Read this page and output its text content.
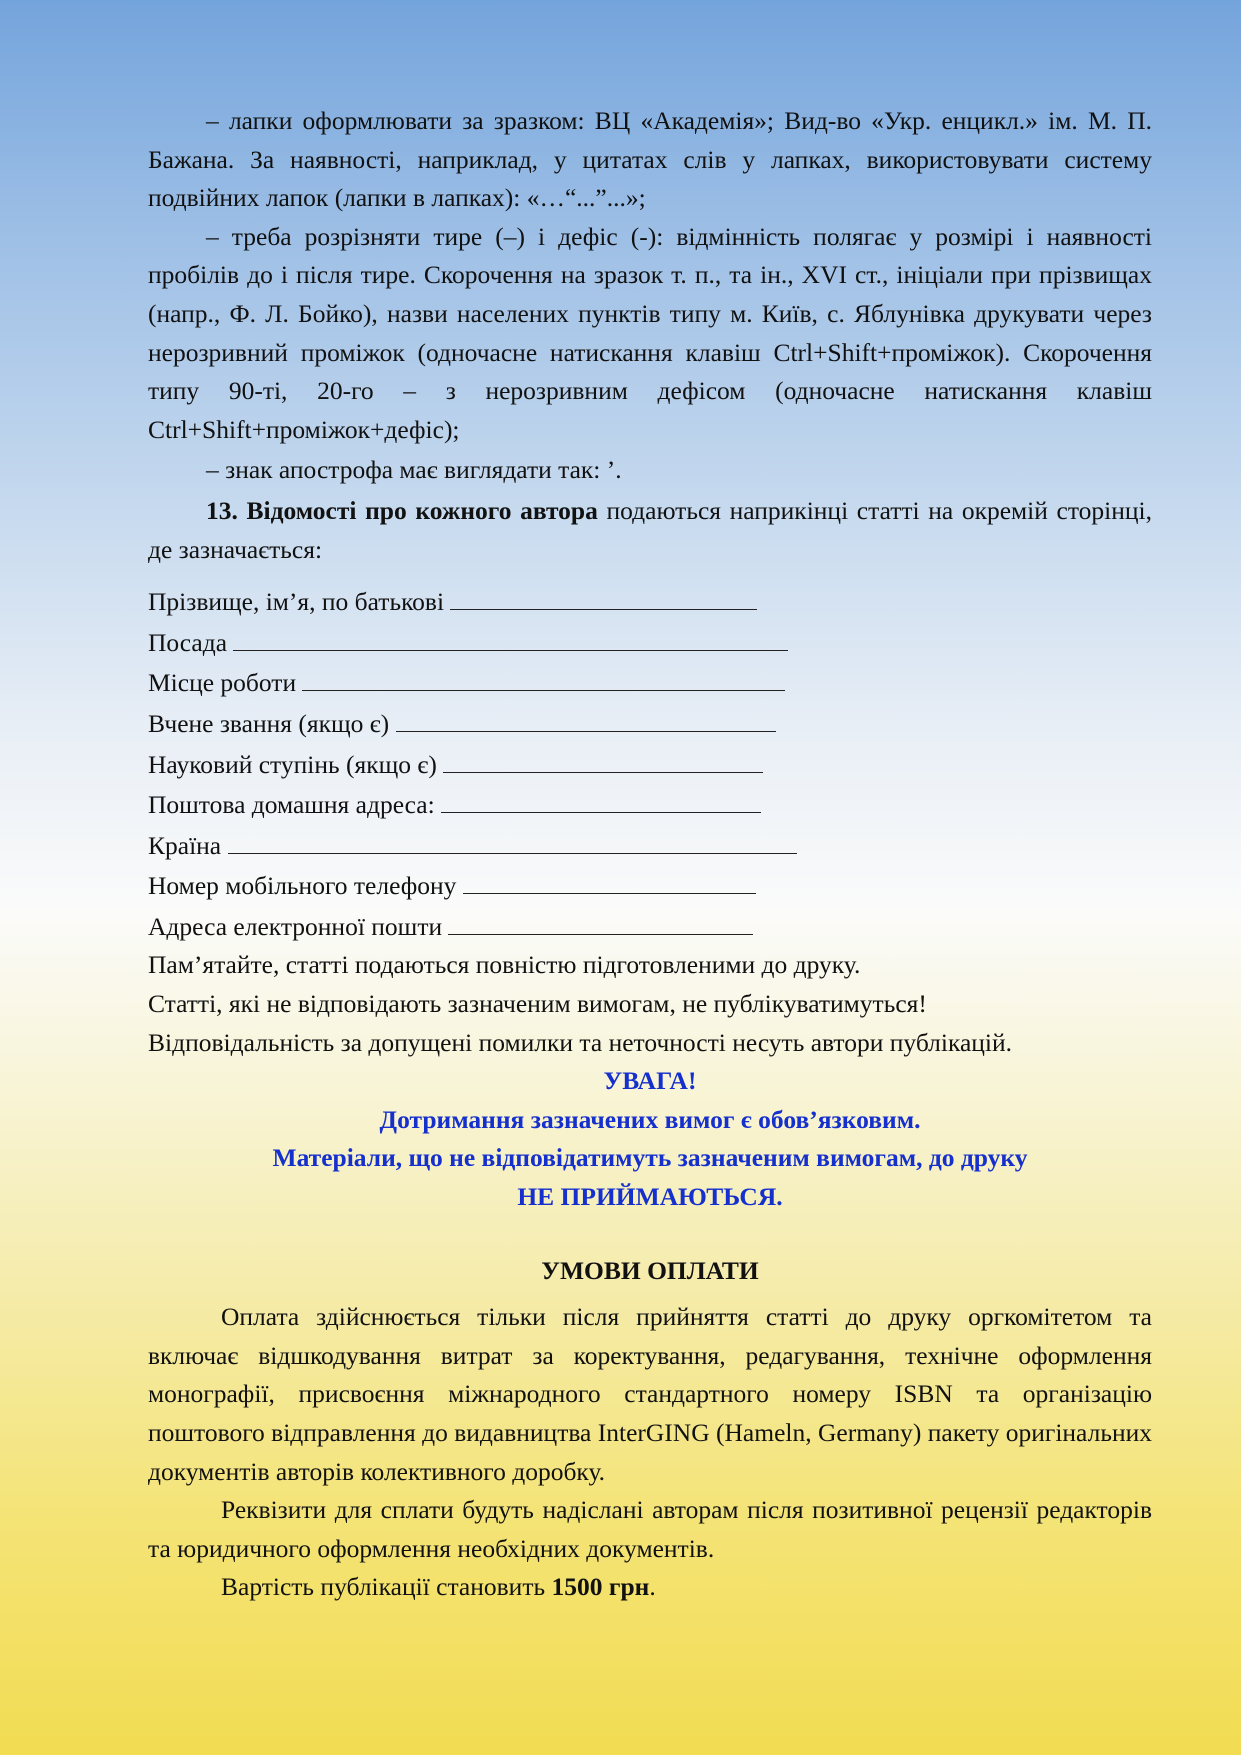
– лапки оформлювати за зразком: ВЦ «Академія»; Вид-во «Укр. енцикл.» ім. М. П. Бажана. За наявності, наприклад, у цитатах слів у лапках, використовувати систему подвійних лапок (лапки в лапках): «…“...”...»;

– треба розрізняти тире (–) і дефіс (-): відмінність полягає у розмірі і наявності пробілів до і після тире. Скорочення на зразок т. п., та ін., XVI ст., ініціали при прізвищах (напр., Ф. Л. Бойко), назви населених пунктів типу м. Київ, с. Яблунівка друкувати через нерозривний проміжок (одночасне натискання клавіш Ctrl+Shift+проміжок). Скорочення типу 90-ті, 20-го – з нерозривним дефісом (одночасне натискання клавіш

Ctrl+Shift+проміжок+дефіс);

– знак апострофа має виглядати так: ’.

13. Відомості про кожного автора подаються наприкінці статті на окремій сторінці, де зазначається:

Прізвище, ім’я, по батькові
Посада
Місце роботи
Вчене звання (якщо є)
Науковий ступінь (якщо є)
Поштова домашня адреса:
Країна
Номер мобільного телефону
Адреса електронної пошти

Пам’ятайте, статті подаються повністю підготовленими до друку.

Статті, які не відповідають зазначеним вимогам, не публікуватимуться!

Відповідальність за допущені помилки та неточності несуть автори публікацій.

УВАГА!

Дотримання зазначених вимог є обов’язковим.

Матеріали, що не відповідатимуть зазначеним вимогам, до друку

НЕ ПРИЙМАЮТЬСЯ.

УМОВИ ОПЛАТИ

Оплата здійснюється тільки після прийняття статті до друку оргкомітетом та включає відшкодування витрат за коректування, редагування, технічне оформлення монографії, присвоєння міжнародного стандартного номеру ISBN та організацію поштового відправлення до видавництва InterGING (Hameln, Germany) пакету оригінальних документів авторів колективного доробку.

Реквізити для сплати будуть надіслані авторам після позитивної рецензії редакторів та юридичного оформлення необхідних документів.

Вартість публікації становить 1500 грн.
